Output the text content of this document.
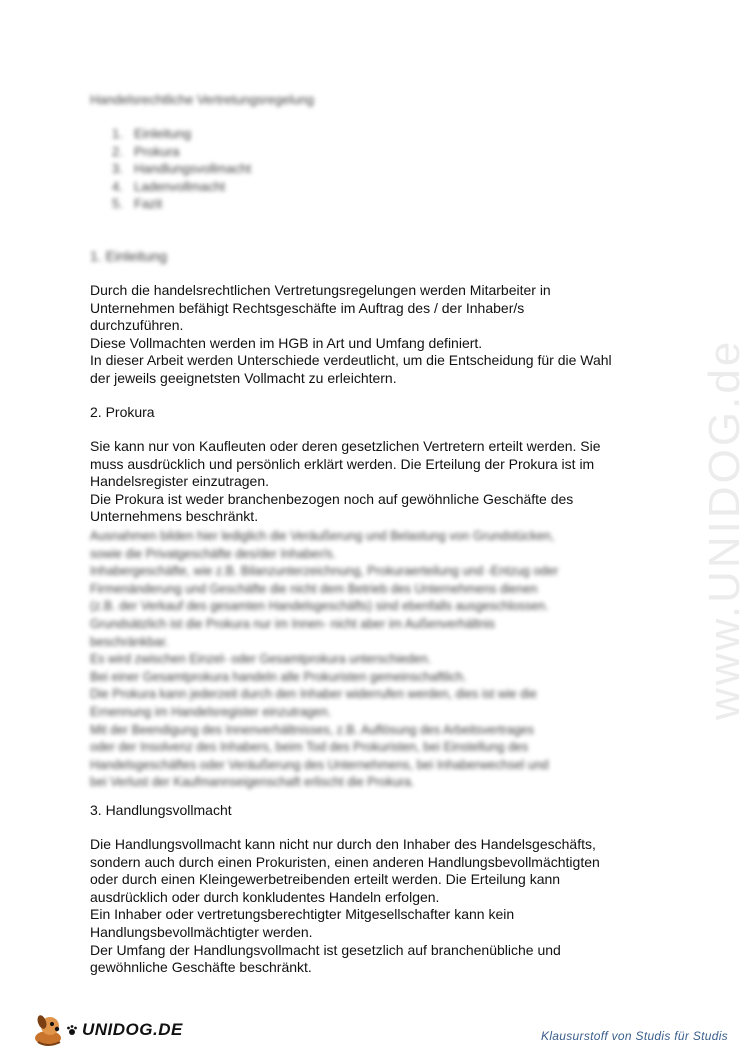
www.UNIDOG.de
Handelsrechtliche Vertretungsregelung
1. Einleitung
2. Prokura
3. Handlungsvollmacht
4. Ladenvollmacht
5. Fazit
1. Einleitung
Durch die handelsrechtlichen Vertretungsregelungen werden Mitarbeiter in
Unternehmen befähigt Rechtsgeschäfte im Auftrag des / der Inhaber/s
durchzuführen.
Diese Vollmachten werden im HGB in Art und Umfang definiert.
In dieser Arbeit werden Unterschiede verdeutlicht, um die Entscheidung für die Wahl
der jeweils geeignetsten Vollmacht zu erleichtern.
2. Prokura
Sie kann nur von Kaufleuten oder deren gesetzlichen Vertretern erteilt werden. Sie
muss ausdrücklich und persönlich erklärt werden. Die Erteilung der Prokura ist im
Handelsregister einzutragen.
Die Prokura ist weder branchenbezogen noch auf gewöhnliche Geschäfte des
Unternehmens beschränkt.
Ausnahmen bilden hier lediglich die Veräußerung und Belastung von Grundstücken,
sowie die Privatgeschäfte des/der Inhaber/s.
Inhabergeschäfte, wie z.B. Bilanzunterzeichnung, Prokuraerteilung und -Entzug oder
Firmenänderung und Geschäfte die nicht dem Betrieb des Unternehmens dienen
(z.B. der Verkauf des gesamten Handelsgeschäfts) sind ebenfalls ausgeschlossen.
Grundsätzlich ist die Prokura nur im Innen- nicht aber im Außenverhältnis
beschränkbar.
Es wird zwischen Einzel- oder Gesamtprokura unterschieden.
Bei einer Gesamtprokura handeln alle Prokuristen gemeinschaftlich.
Die Prokura kann jederzeit durch den Inhaber widerrufen werden, dies ist wie die
Ernennung im Handelsregister einzutragen.
Mit der Beendigung des Innenverhältnisses, z.B. Auflösung des Arbeitsvertrages
oder der Insolvenz des Inhabers, beim Tod des Prokuristen, bei Einstellung des
Handelsgeschäftes oder Veräußerung des Unternehmens, bei Inhaberwechsel und
bei Verlust der Kaufmannseigenschaft erlischt die Prokura.
3. Handlungsvollmacht
Die Handlungsvollmacht kann nicht nur durch den Inhaber des Handelsgeschäfts,
sondern auch durch einen Prokuristen, einen anderen Handlungsbevollmächtigten
oder durch einen Kleingewerbetreibenden erteilt werden. Die Erteilung kann
ausdrücklich oder durch konkludentes Handeln erfolgen.
Ein Inhaber oder vertretungsberechtigter Mitgesellschafter kann kein
Handlungsbevollmächtigter werden.
Der Umfang der Handlungsvollmacht ist gesetzlich auf branchenübliche und
gewöhnliche Geschäfte beschränkt.
UNIDOG.DE	Klausurstoff von Studis für Studis
